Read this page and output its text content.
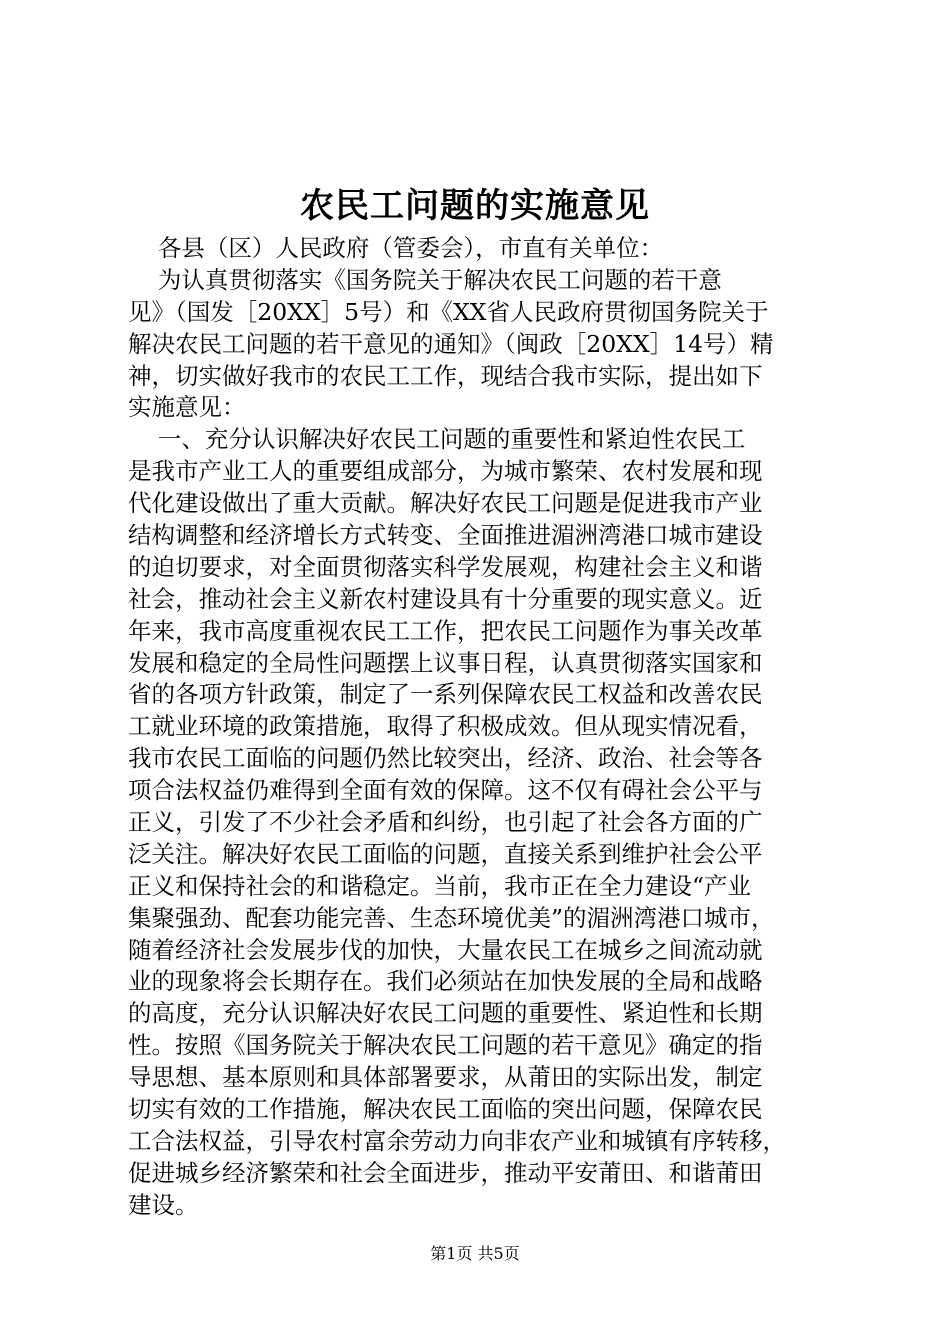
农民工问题的实施意见
各县（区）人民政府（管委会），市直有关单位：
为认真贯彻落实《国务院关于解决农民工问题的若干意
见》（国发［20XX］5号）和《XX省人民政府贯彻国务院关于
解决农民工问题的若干意见的通知》（闽政［20XX］14号）精
神，切实做好我市的农民工工作，现结合我市实际，提出如下
实施意见：
一、充分认识解决好农民工问题的重要性和紧迫性农民工
是我市产业工人的重要组成部分，为城市繁荣、农村发展和现
代化建设做出了重大贡献。解决好农民工问题是促进我市产业
结构调整和经济增长方式转变、全面推进湄洲湾港口城市建设
的迫切要求，对全面贯彻落实科学发展观，构建社会主义和谐
社会，推动社会主义新农村建设具有十分重要的现实意义。近
年来，我市高度重视农民工工作，把农民工问题作为事关改革
发展和稳定的全局性问题摆上议事日程，认真贯彻落实国家和
省的各项方针政策，制定了一系列保障农民工权益和改善农民
工就业环境的政策措施，取得了积极成效。但从现实情况看，
我市农民工面临的问题仍然比较突出，经济、政治、社会等各
项合法权益仍难得到全面有效的保障。这不仅有碍社会公平与
正义，引发了不少社会矛盾和纠纷，也引起了社会各方面的广
泛关注。解决好农民工面临的问题，直接关系到维护社会公平
正义和保持社会的和谐稳定。当前，我市正在全力建设“产业
集聚强劲、配套功能完善、生态环境优美”的湄洲湾港口城市，
随着经济社会发展步伐的加快，大量农民工在城乡之间流动就
业的现象将会长期存在。我们必须站在加快发展的全局和战略
的高度，充分认识解决好农民工问题的重要性、紧迫性和长期
性。按照《国务院关于解决农民工问题的若干意见》确定的指
导思想、基本原则和具体部署要求，从莆田的实际出发，制定
切实有效的工作措施，解决农民工面临的突出问题，保障农民
工合法权益，引导农村富余劳动力向非农产业和城镇有序转移，
促进城乡经济繁荣和社会全面进步，推动平安莆田、和谐莆田
建设。
第1页 共5页
